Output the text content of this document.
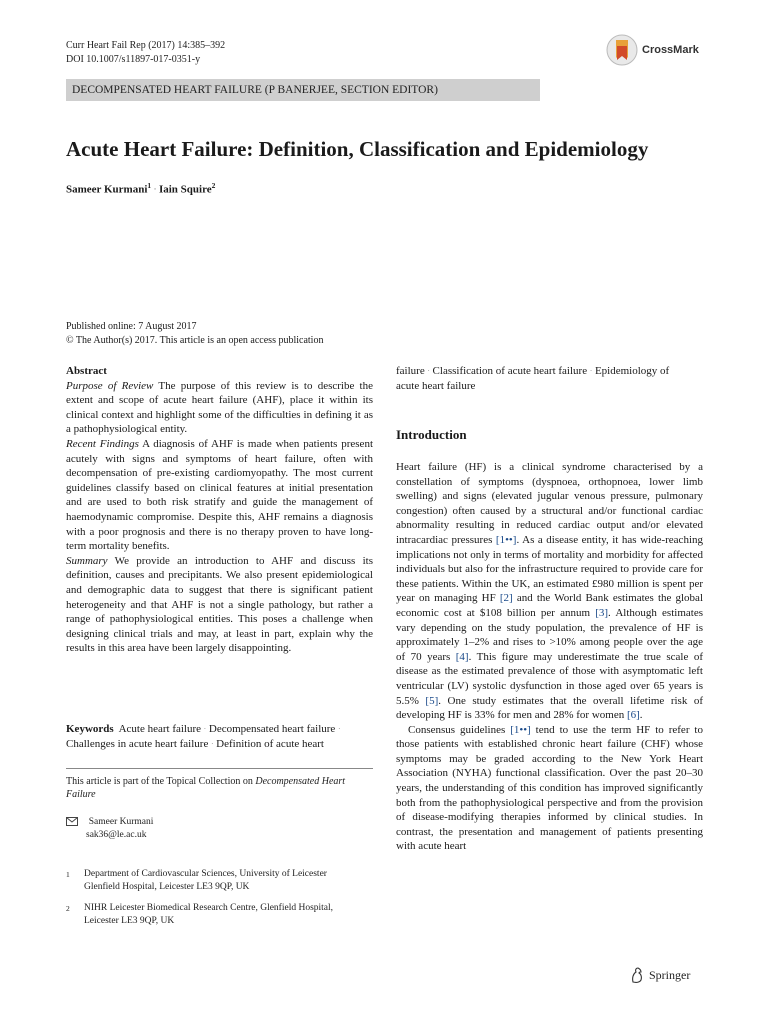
Curr Heart Fail Rep (2017) 14:385–392
DOI 10.1007/s11897-017-0351-y
CrossMark
DECOMPENSATED HEART FAILURE (P BANERJEE, SECTION EDITOR)
Acute Heart Failure: Definition, Classification and Epidemiology
Sameer Kurmani$^1$ · Iain Squire$^2$
Published online: 7 August 2017
© The Author(s) 2017. This article is an open access publication
Abstract
Purpose of Review The purpose of this review is to describe the extent and scope of acute heart failure (AHF), place it within its clinical context and highlight some of the difficulties in defining it as a pathophysiological entity.
Recent Findings A diagnosis of AHF is made when patients present acutely with signs and symptoms of heart failure, often with decompensation of pre-existing cardiomyopathy. The most current guidelines classify based on clinical features at initial presentation and are used to both risk stratify and guide the management of haemodynamic compromise. Despite this, AHF remains a diagnosis with a poor prognosis and there is no therapy proven to have long-term mortality benefits.
Summary We provide an introduction to AHF and discuss its definition, causes and precipitants. We also present epidemiological and demographic data to suggest that there is significant patient heterogeneity and that AHF is not a single pathology, but rather a range of pathophysiological entities. This poses a challenge when designing clinical trials and may, at least in part, explain why the results in this area have been largely disappointing.
Keywords Acute heart failure · Decompensated heart failure ·
Challenges in acute heart failure · Definition of acute heart
This article is part of the Topical Collection on Decompensated Heart Failure
Sameer Kurmani
sak36@le.ac.uk
1 Department of Cardiovascular Sciences, University of Leicester Glenfield Hospital, Leicester LE3 9QP, UK
2 NIHR Leicester Biomedical Research Centre, Glenfield Hospital, Leicester LE3 9QP, UK
failure · Classification of acute heart failure · Epidemiology of
acute heart failure
Introduction

Heart failure (HF) is a clinical syndrome characterised by a constellation of symptoms (dyspnoea, orthopnoea, lower limb swelling) and signs (elevated jugular venous pressure, pulmonary congestion) often caused by a structural and/or functional cardiac abnormality resulting in reduced cardiac output and/or elevated intracardiac pressures [1••]. As a disease entity, it has wide-reaching implications not only in terms of mortality and morbidity for affected individuals but also for the infrastructure required to provide care for these patients. Within the UK, an estimated £980 million is spent per year on managing HF [2] and the World Bank estimates the global economic cost at $108 billion per annum [3]. Although estimates vary depending on the study population, the prevalence of HF is approximately 1–2% and rises to >10% among people over the age of 70 years [4]. This figure may underestimate the true scale of disease as the estimated prevalence of those with asymptomatic left ventricular (LV) systolic dysfunction in those aged over 65 years is 5.5% [5]. One study estimates that the overall lifetime risk of developing HF is 33% for men and 28% for women [6].

Consensus guidelines [1••] tend to use the term HF to refer to those patients with established chronic heart failure (CHF) whose symptoms may be graded according to the New York Heart Association (NYHA) functional classification. Over the past 20–30 years, the understanding of this condition has improved significantly both from the pathophysiological perspective and from the provision of disease-modifying therapies informed by clinical studies. In contrast, the presentation and management of patients presenting with acute heart

Springer
